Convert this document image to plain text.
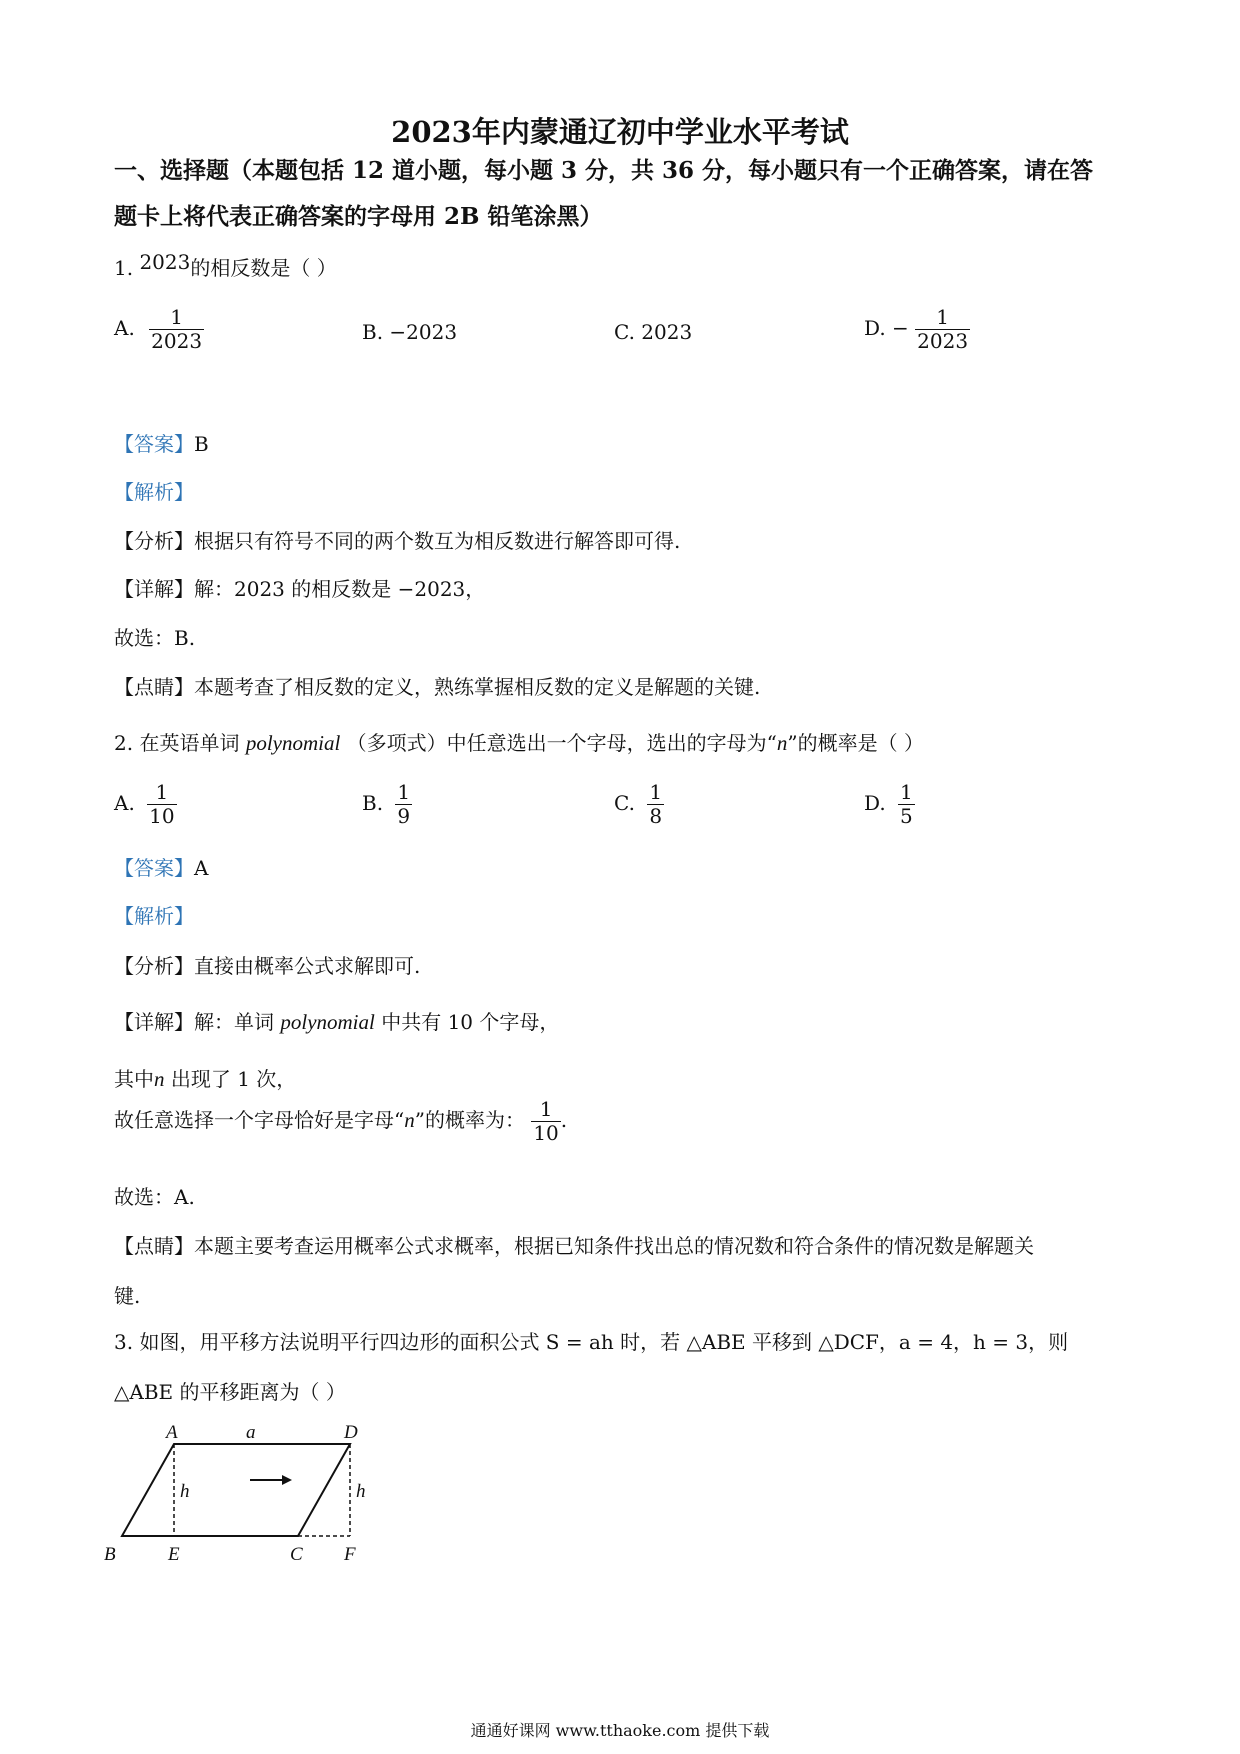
2023年内蒙通辽初中学业水平考试
一、选择题（本题包括 12 道小题，每小题 3 分，共 36 分，每小题只有一个正确答案，请在答
题卡上将代表正确答案的字母用 2B 铅笔涂黑）
1. 2023的相反数是（ ）
A. $\frac{1}{2023}$	B. −2023	C. 2023	D. − $\frac{1}{2023}$
【答案】B
【解析】
【分析】根据只有符号不同的两个数互为相反数进行解答即可得.
【详解】解：2023 的相反数是 −2023，
故选：B.
【点睛】本题考查了相反数的定义，熟练掌握相反数的定义是解题的关键.
2. 在英语单词 polynomial （多项式）中任意选出一个字母，选出的字母为“n”的概率是（ ）
A. $\frac{1}{10}$	B. $\frac{1}{9}$	C. $\frac{1}{8}$	D. $\frac{1}{5}$
【答案】A
【解析】
【分析】直接由概率公式求解即可.
【详解】解：单词 polynomial 中共有 10 个字母，
其中n 出现了 1 次，
故任意选择一个字母恰好是字母“n”的概率为： $\frac{1}{10}$ .
故选：A.
【点睛】本题主要考查运用概率公式求概率，根据已知条件找出总的情况数和符合条件的情况数是解题关
键.
3. 如图，用平移方法说明平行四边形的面积公式 S = ah 时，若 △ABE 平移到 △DCF，a = 4，h = 3，则
△ABE 的平移距离为（ ）
A	a	D
h	h
B	E	C F
通通好课网 www.tthaoke.com 提供下载
